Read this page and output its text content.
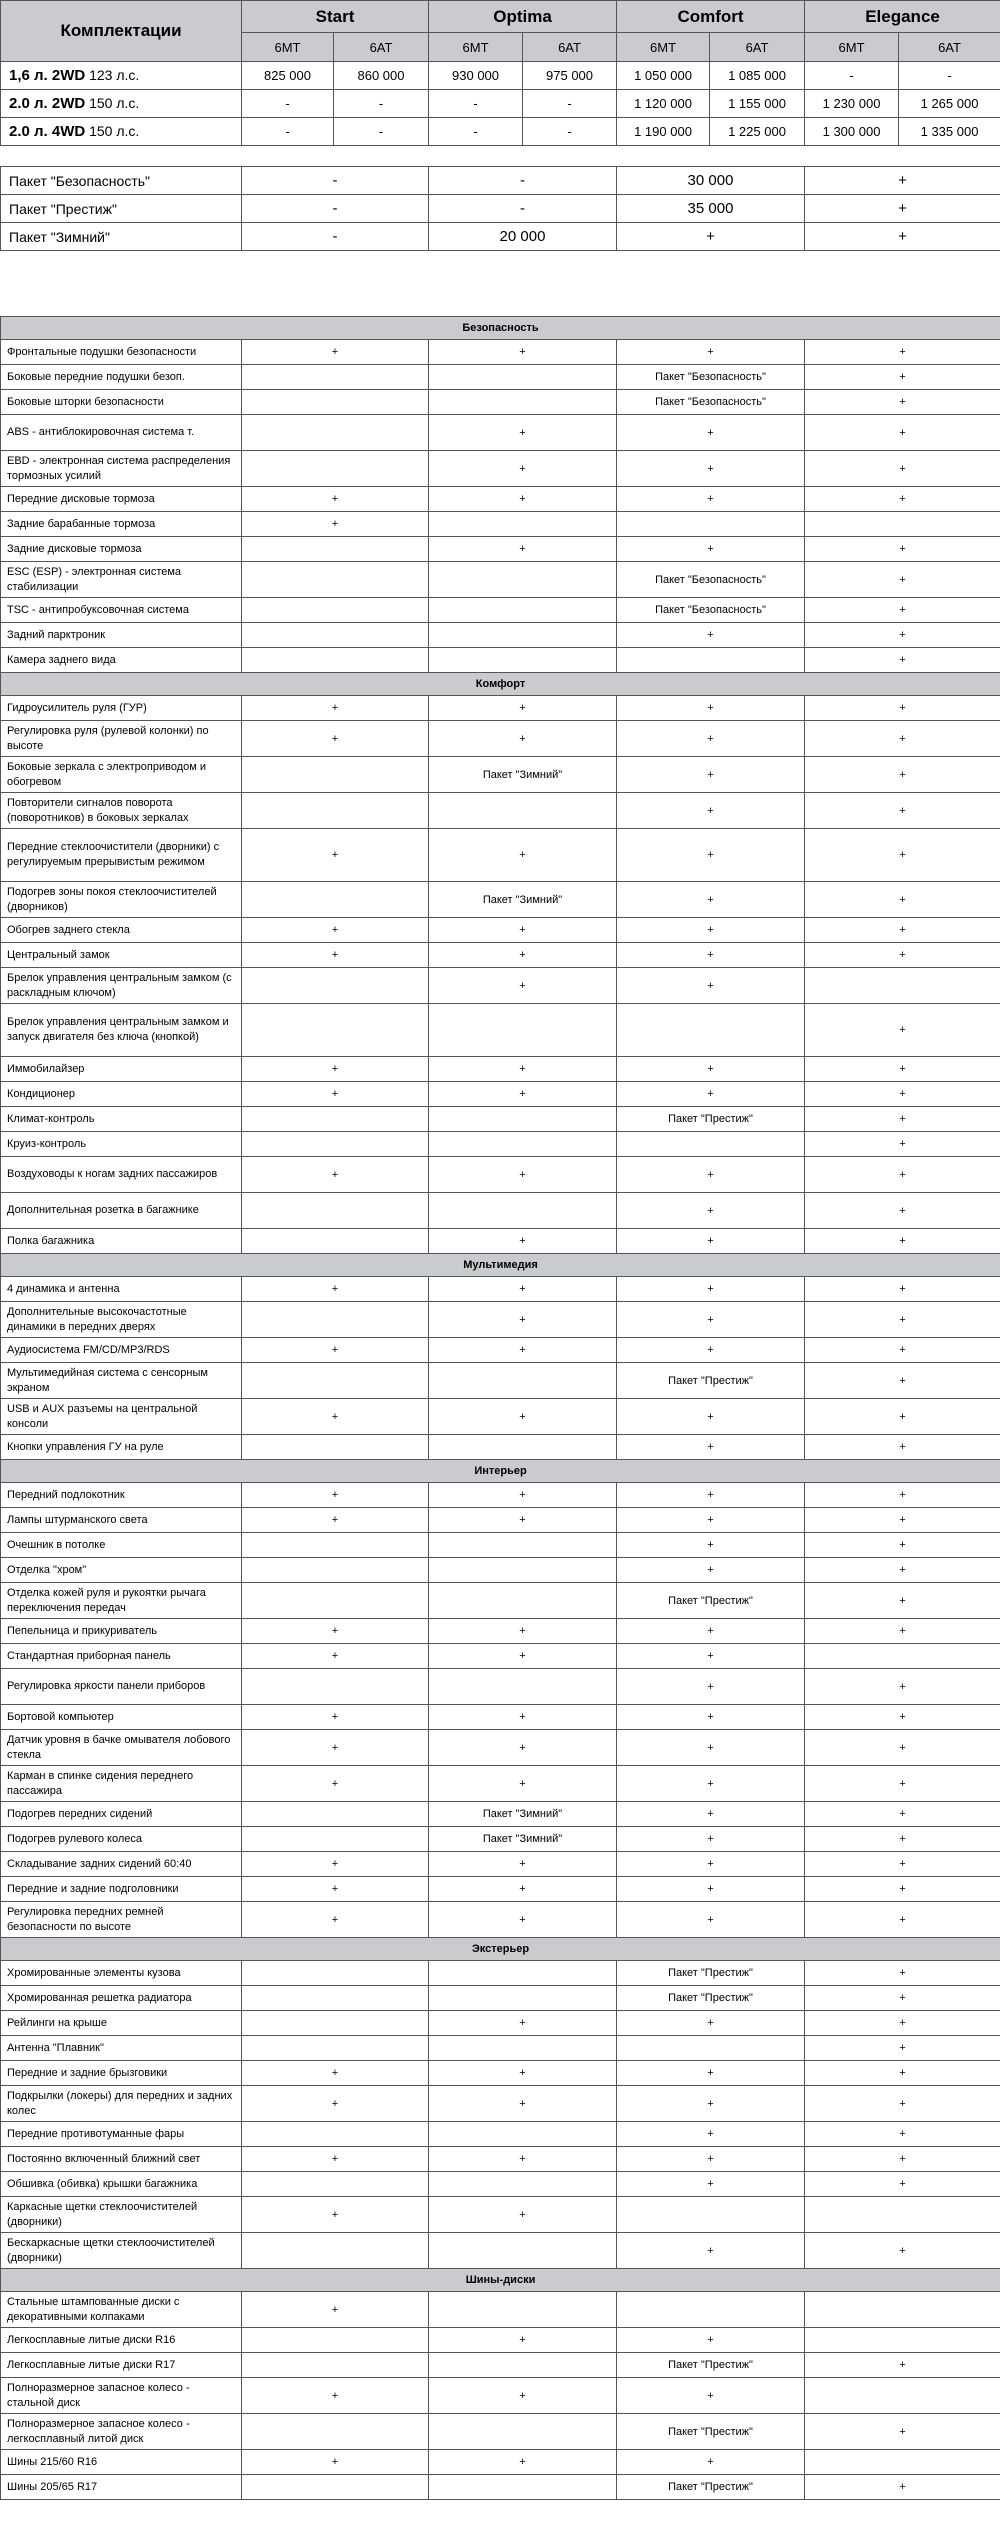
Комплектации	Start		Optima		Comfort		Elegance	
	6MT	6AT	6MT	6AT	6MT	6AT	6MT	6AT
1,6 л. 2WD 123 л.с.	825 000	860 000	930 000	975 000	1 050 000	1 085 000	-	-
2.0 л. 2WD 150 л.с.	-	-	-	-	1 120 000	1 155 000	1 230 000	1 265 000
2.0 л. 4WD 150 л.с.	-	-	-	-	1 190 000	1 225 000	1 300 000	1 335 000
Пакет "Безопасность"	-	-	30 000	+
Пакет "Престиж"	-	-	35 000	+
Пакет "Зимний"	-	20 000	+	+
Безопасность				
Фронтальные подушки безопасности	+	+	+	+
Боковые передние подушки безоп.			Пакет "Безопасность"	+
Боковые шторки безопасности			Пакет "Безопасность"	+
ABS - антиблокировочная система т.		+	+	+
EBD - электронная система распределения тормозных усилий		+	+	+
Передние дисковые тормоза	+	+	+	+
Задние барабанные тормоза	+			
Задние дисковые тормоза		+	+	+
ESC (ESP) - электронная система стабилизации			Пакет "Безопасность"	+
TSC - антипробуксовочная система			Пакет "Безопасность"	+
Задний парктроник			+	+
Камера заднего вида				+
Комфорт				
Гидроусилитель руля (ГУР)	+	+	+	+
Регулировка руля (рулевой колонки) по высоте	+	+	+	+
Боковые зеркала с электроприводом и обогревом		Пакет "Зимний"	+	+
Повторители сигналов поворота (поворотников) в боковых зеркалах			+	+
Передние стеклоочистители (дворники) с регулируемым прерывистым режимом	+	+	+	+
Подогрев зоны покоя стеклоочистителей (дворников)		Пакет "Зимний"	+	+
Обогрев заднего стекла	+	+	+	+
Центральный замок	+	+	+	+
Брелок управления центральным замком (с раскладным ключом)		+	+	
Брелок управления центральным замком и запуск двигателя без ключа (кнопкой)				+
Иммобилайзер	+	+	+	+
Кондиционер	+	+	+	+
Климат-контроль			Пакет "Престиж"	+
Круиз-контроль				+
Воздуховоды к ногам задних пассажиров	+	+	+	+
Дополнительная розетка в багажнике			+	+
Полка багажника		+	+	+
Мультимедия				
4 динамика и антенна	+	+	+	+
Дополнительные высокочастотные динамики в передних дверях		+	+	+
Аудиосистема FM/CD/MP3/RDS	+	+	+	+
Мультимедийная система с сенсорным экраном			Пакет "Престиж"	+
USB и AUX разъемы на центральной консоли	+	+	+	+
Кнопки управления ГУ на руле			+	+
Интерьер				
Передний подлокотник	+	+	+	+
Лампы штурманского света	+	+	+	+
Очешник в потолке			+	+
Отделка "хром"			+	+
Отделка кожей руля и рукоятки рычага переключения передач			Пакет "Престиж"	+
Пепельница и прикуриватель	+	+	+	+
Стандартная приборная панель	+	+	+	
Регулировка яркости панели приборов			+	+
Бортовой компьютер	+	+	+	+
Датчик уровня в бачке омывателя лобового стекла	+	+	+	+
Карман в спинке сидения переднего пассажира	+	+	+	+
Подогрев передних сидений		Пакет "Зимний"	+	+
Подогрев рулевого колеса		Пакет "Зимний"	+	+
Складывание задних сидений 60:40	+	+	+	+
Передние и задние подголовники	+	+	+	+
Регулировка передних ремней безопасности по высоте	+	+	+	+
Экстерьер				
Хромированные элементы кузова			Пакет "Престиж"	+
Хромированная решетка радиатора			Пакет "Престиж"	+
Рейлинги на крыше		+	+	+
Антенна "Плавник"				+
Передние и задние брызговики	+	+	+	+
Подкрылки (локеры) для передних и задних колес	+	+	+	+
Передние противотуманные фары			+	+
Постоянно включенный ближний свет	+	+	+	+
Обшивка (обивка) крышки багажника			+	+
Каркасные щетки стеклоочистителей (дворники)	+	+		
Бескаркасные щетки стеклоочистителей (дворники)			+	+
Шины-диски				
Стальные штампованные диски с декоративными колпаками	+			
Легкосплавные литые диски R16		+	+	
Легкосплавные литые диски R17			Пакет "Престиж"	+
Полноразмерное запасное колесо - стальной диск	+	+	+	
Полноразмерное запасное колесо - легкосплавный литой диск			Пакет "Престиж"	+
Шины 215/60 R16	+	+	+	
Шины 205/65 R17			Пакет "Престиж"	+
